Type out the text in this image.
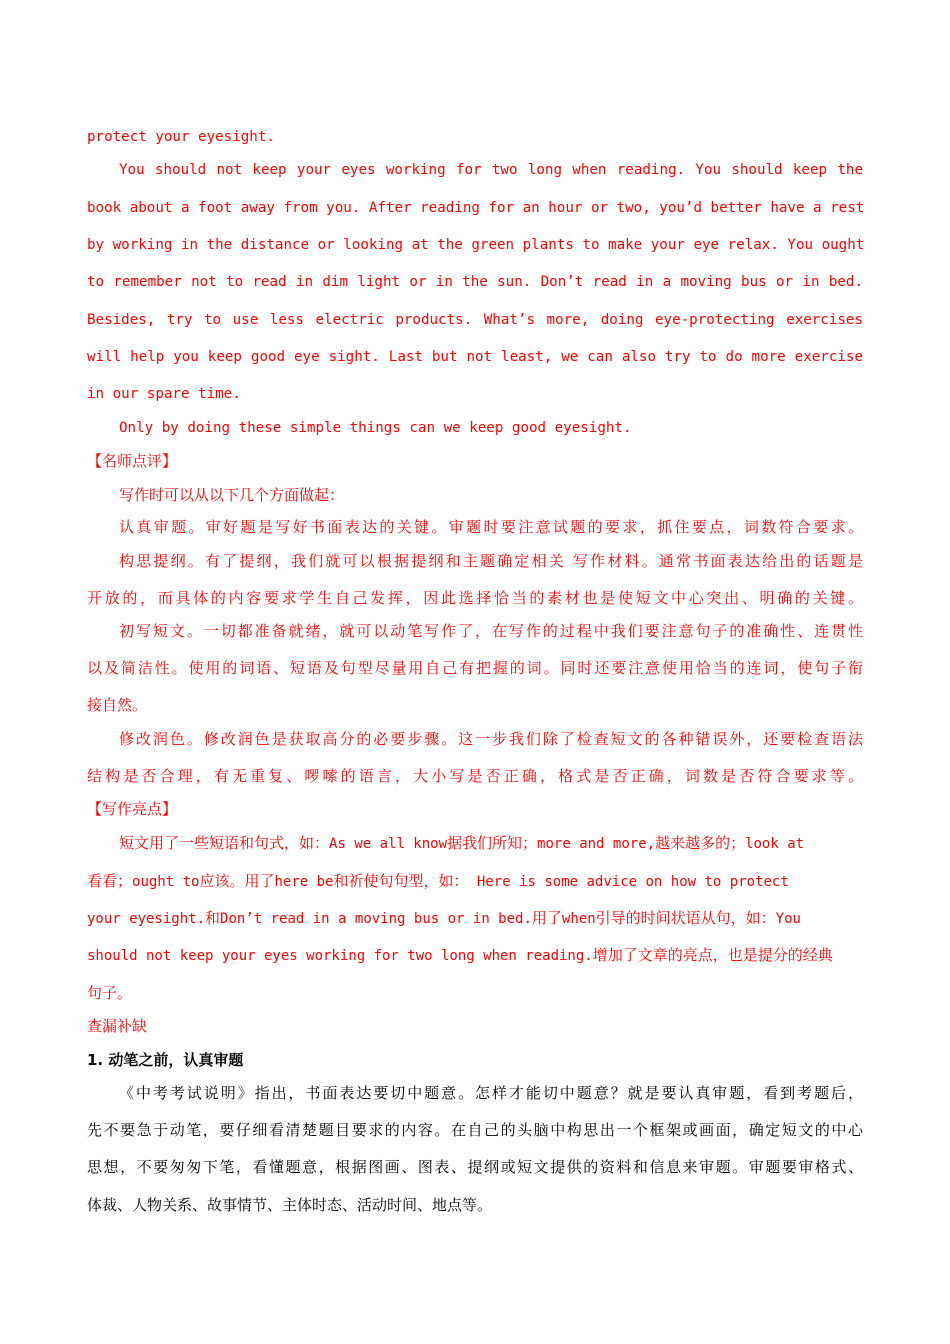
protect your eyesight.
You should not keep your eyes working for two long when reading. You should keep the
book about a foot away from you. After reading for an hour or two, you’d better have a rest
by working in the distance or looking at the green plants to make your eye relax. You ought
to remember not to read in dim light or in the sun. Don’t read in a moving bus or in bed.
Besides, try to use less electric products. What’s more, doing eye-protecting exercises
will help you keep good eye sight. Last but not least, we can also try to do more exercise
in our spare time.
Only by doing these simple things can we keep good eyesight.
【名师点评】
写作时可以从以下几个方面做起：
认真审题。审好题是写好书面表达的关键。审题时要注意试题的要求，抓住要点，词数符合要求。
构思提纲。有了提纲，我们就可以根据提纲和主题确定相关 写作材料。通常书面表达给出的话题是
开放的，而具体的内容要求学生自己发挥，因此选择恰当的素材也是使短文中心突出、明确的关键。
初写短文。一切都准备就绪，就可以动笔写作了，在写作的过程中我们要注意句子的准确性、连贯性
以及简洁性。使用的词语、短语及句型尽量用自己有把握的词。同时还要注意使用恰当的连词，使句子衔
接自然。
修改润色。修改润色是获取高分的必要步骤。这一步我们除了检查短文的各种错误外，还要检查语法
结构是否合理，有无重复、啰嗦的语言，大小写是否正确，格式是否正确，词数是否符合要求等。
【写作亮点】
短文用了一些短语和句式，如：As we all know据我们所知；more and more,越来越多的；look at
看看；ought to应该。用了here be和祈使句句型，如： Here is some advice on how to protect
your eyesight.和Don’t read in a moving bus or in bed.用了when引导的时间状语从句，如：You
should not keep your eyes working for two long when reading.增加了文章的亮点，也是提分的经典
句子。
查漏补缺
1. 动笔之前，认真审题
《中考考试说明》指出，书面表达要切中题意。怎样才能切中题意？就是要认真审题，看到考题后，
先不要急于动笔，要仔细看清楚题目要求的内容。在自己的头脑中构思出一个框架或画面，确定短文的中心
思想，不要匆匆下笔，看懂题意，根据图画、图表、提纲或短文提供的资料和信息来审题。审题要审格式、
体裁、人物关系、故事情节、主体时态、活动时间、地点等。
